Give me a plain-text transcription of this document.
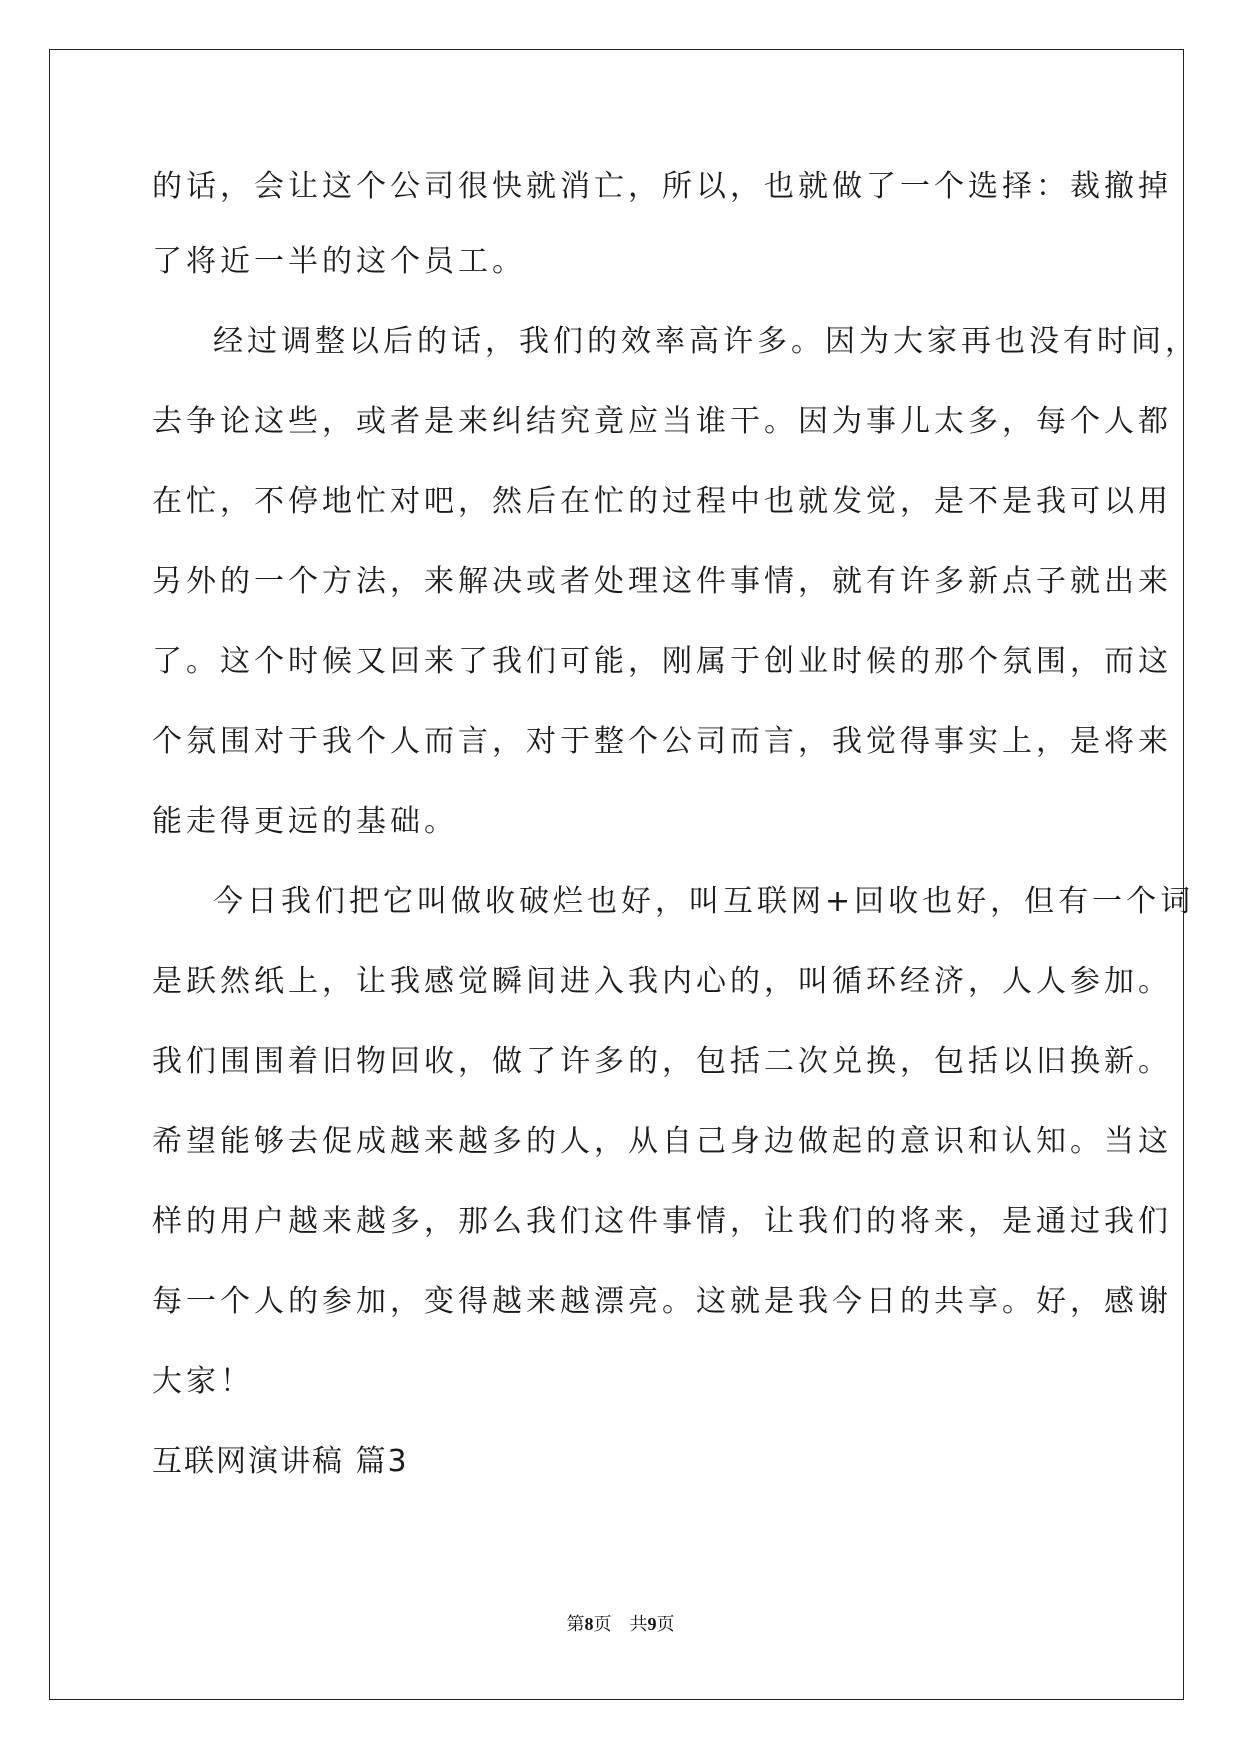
的话，会让这个公司很快就消亡，所以，也就做了一个选择：裁撤掉

了将近一半的这个员工。

经过调整以后的话，我们的效率高许多。因为大家再也没有时间，

去争论这些，或者是来纠结究竟应当谁干。因为事儿太多，每个人都

在忙，不停地忙对吧，然后在忙的过程中也就发觉，是不是我可以用

另外的一个方法，来解决或者处理这件事情，就有许多新点子就出来

了。这个时候又回来了我们可能，刚属于创业时候的那个氛围，而这

个氛围对于我个人而言，对于整个公司而言，我觉得事实上，是将来

能走得更远的基础。

今日我们把它叫做收破烂也好，叫互联网+回收也好，但有一个词

是跃然纸上，让我感觉瞬间进入我内心的，叫循环经济，人人参加。

我们围围着旧物回收，做了许多的，包括二次兑换，包括以旧换新。

希望能够去促成越来越多的人，从自己身边做起的意识和认知。当这

样的用户越来越多，那么我们这件事情，让我们的将来，是通过我们

每一个人的参加，变得越来越漂亮。这就是我今日的共享。好，感谢

大家！

互联网演讲稿 篇3

第8页 共9页
